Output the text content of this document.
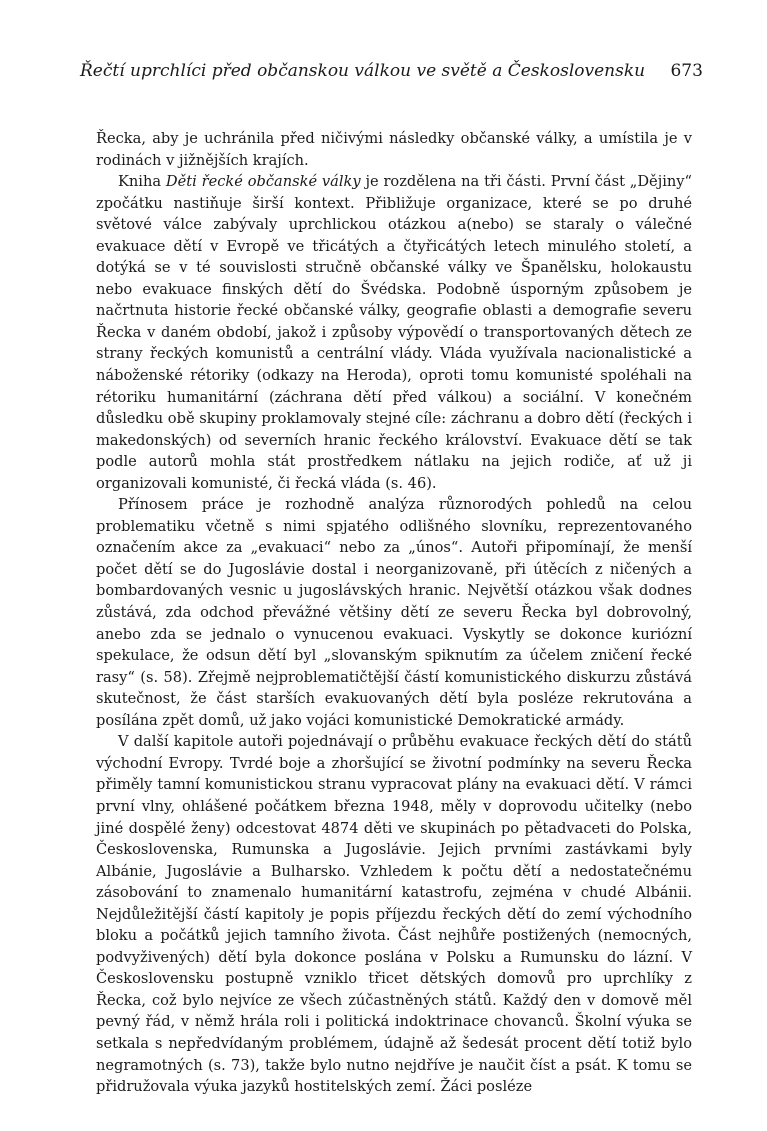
Řečtí uprchlíci před občanskou válkou ve světě a Československu 673

Řecka, aby je uchránila před ničivými následky občanské války, a umístila je v rodinách v jižnějších krajích.

Kniha Děti řecké občanské války je rozdělena na tři části. První část „Dějiny“ zpočátku nastiňuje širší kontext. Přibližuje organizace, které se po druhé světové válce zabývaly uprchlickou otázkou a(nebo) se staraly o válečné evakuace dětí v Evropě ve třicátých a čtyřicátých letech minulého století, a dotýká se v té souvislosti stručně občanské války ve Španělsku, holokaustu nebo evakuace finských dětí do Švédska. Podobně úsporným způsobem je načrtnuta historie řecké občanské války, geografie oblasti a demografie severu Řecka v daném období, jakož i způsoby výpovědí o transportovaných dětech ze strany řeckých komunistů a centrální vlády. Vláda využívala nacionalistické a náboženské rétoriky (odkazy na Heroda), oproti tomu komunisté spoléhali na rétoriku humanitární (záchrana dětí před válkou) a sociální. V konečném důsledku obě skupiny proklamovaly stejné cíle: záchranu a dobro dětí (řeckých i makedonských) od severních hranic řeckého království. Evakuace dětí se tak podle autorů mohla stát prostředkem nátlaku na jejich rodiče, ať už ji organizovali komunisté, či řecká vláda (s. 46).

Přínosem práce je rozhodně analýza různorodých pohledů na celou problematiku včetně s nimi spjatého odlišného slovníku, reprezentovaného označením akce za „evakuaci“ nebo za „únos“. Autoři připomínají, že menší počet dětí se do Jugoslávie dostal i neorganizovaně, při útěcích z ničených a bombardovaných vesnic u jugoslávských hranic. Největší otázkou však dodnes zůstává, zda odchod převážné většiny dětí ze severu Řecka byl dobrovolný, anebo zda se jednalo o vynucenou evakuaci. Vyskytly se dokonce kuriózní spekulace, že odsun dětí byl „slovanským spiknutím za účelem zničení řecké rasy“ (s. 58). Zřejmě nejproblematičtější částí komunistického diskurzu zůstává skutečnost, že část starších evakuovaných dětí byla posléze rekrutována a posílána zpět domů, už jako vojáci komunistické Demokratické armády.

V další kapitole autoři pojednávají o průběhu evakuace řeckých dětí do států východní Evropy. Tvrdé boje a zhoršující se životní podmínky na severu Řecka přiměly tamní komunistickou stranu vypracovat plány na evakuaci dětí. V rámci první vlny, ohlášené počátkem března 1948, měly v doprovodu učitelky (nebo jiné dospělé ženy) odcestovat 4874 děti ve skupinách po pětadvaceti do Polska, Československa, Rumunska a Jugoslávie. Jejich prvními zastávkami byly Albánie, Jugoslávie a Bulharsko. Vzhledem k počtu dětí a nedostatečnému zásobování to znamenalo humanitární katastrofu, zejména v chudé Albánii. Nejdůležitější částí kapitoly je popis příjezdu řeckých dětí do zemí východního bloku a počátků jejich tamního života. Část nejhůře postižených (nemocných, podvyživených) dětí byla dokonce poslána v Polsku a Rumunsku do lázní. V Československu postupně vzniklo třicet dětských domovů pro uprchlíky z Řecka, což bylo nejvíce ze všech zúčastněných států. Každý den v domově měl pevný řád, v němž hrála roli i politická indoktrinace chovanců. Školní výuka se setkala s nepředvídaným problémem, údajně až šedesát procent dětí totiž bylo negramotných (s. 73), takže bylo nutno nejdříve je naučit číst a psát. K tomu se přidružovala výuka jazyků hostitelských zemí. Žáci posléze
